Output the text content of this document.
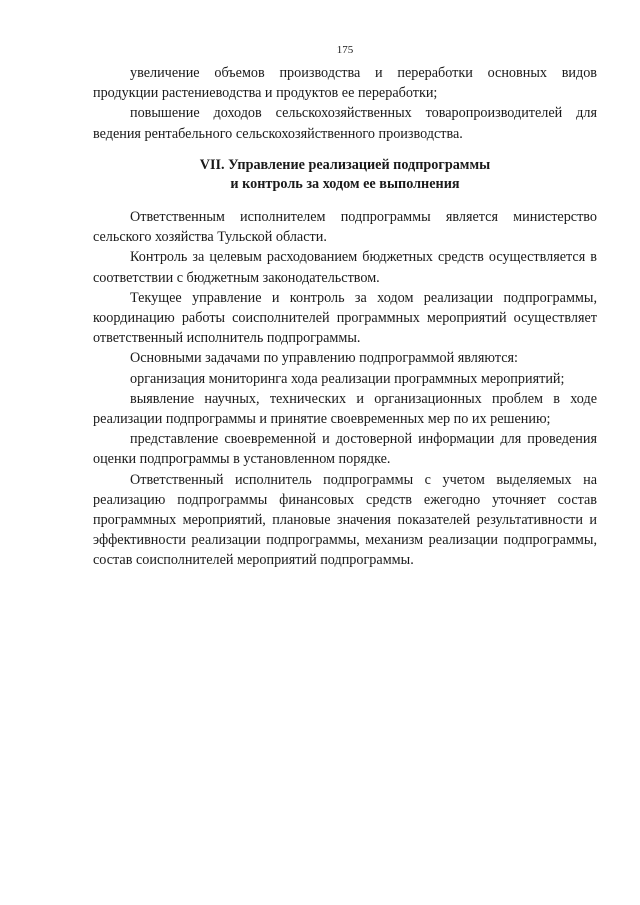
175

увеличение объемов производства и переработки основных видов продукции растениеводства и продуктов ее переработки;

повышение доходов сельскохозяйственных товаропроизводителей для ведения рентабельного сельскохозяйственного производства.

VII. Управление реализацией подпрограммы
и контроль за ходом ее выполнения

Ответственным исполнителем подпрограммы является министерство сельского хозяйства Тульской области.

Контроль за целевым расходованием бюджетных средств осуществляется в соответствии с бюджетным законодательством.

Текущее управление и контроль за ходом реализации подпрограммы, координацию работы соисполнителей программных мероприятий осуществляет ответственный исполнитель подпрограммы.

Основными задачами по управлению подпрограммой являются:

организация мониторинга хода реализации программных мероприятий;

выявление научных, технических и организационных проблем в ходе реализации подпрограммы и принятие своевременных мер по их решению;

представление своевременной и достоверной информации для проведения оценки подпрограммы в установленном порядке.

Ответственный исполнитель подпрограммы с учетом выделяемых на реализацию подпрограммы финансовых средств ежегодно уточняет состав программных мероприятий, плановые значения показателей результативности и эффективности реализации подпрограммы, механизм реализации подпрограммы, состав соисполнителей мероприятий подпрограммы.
